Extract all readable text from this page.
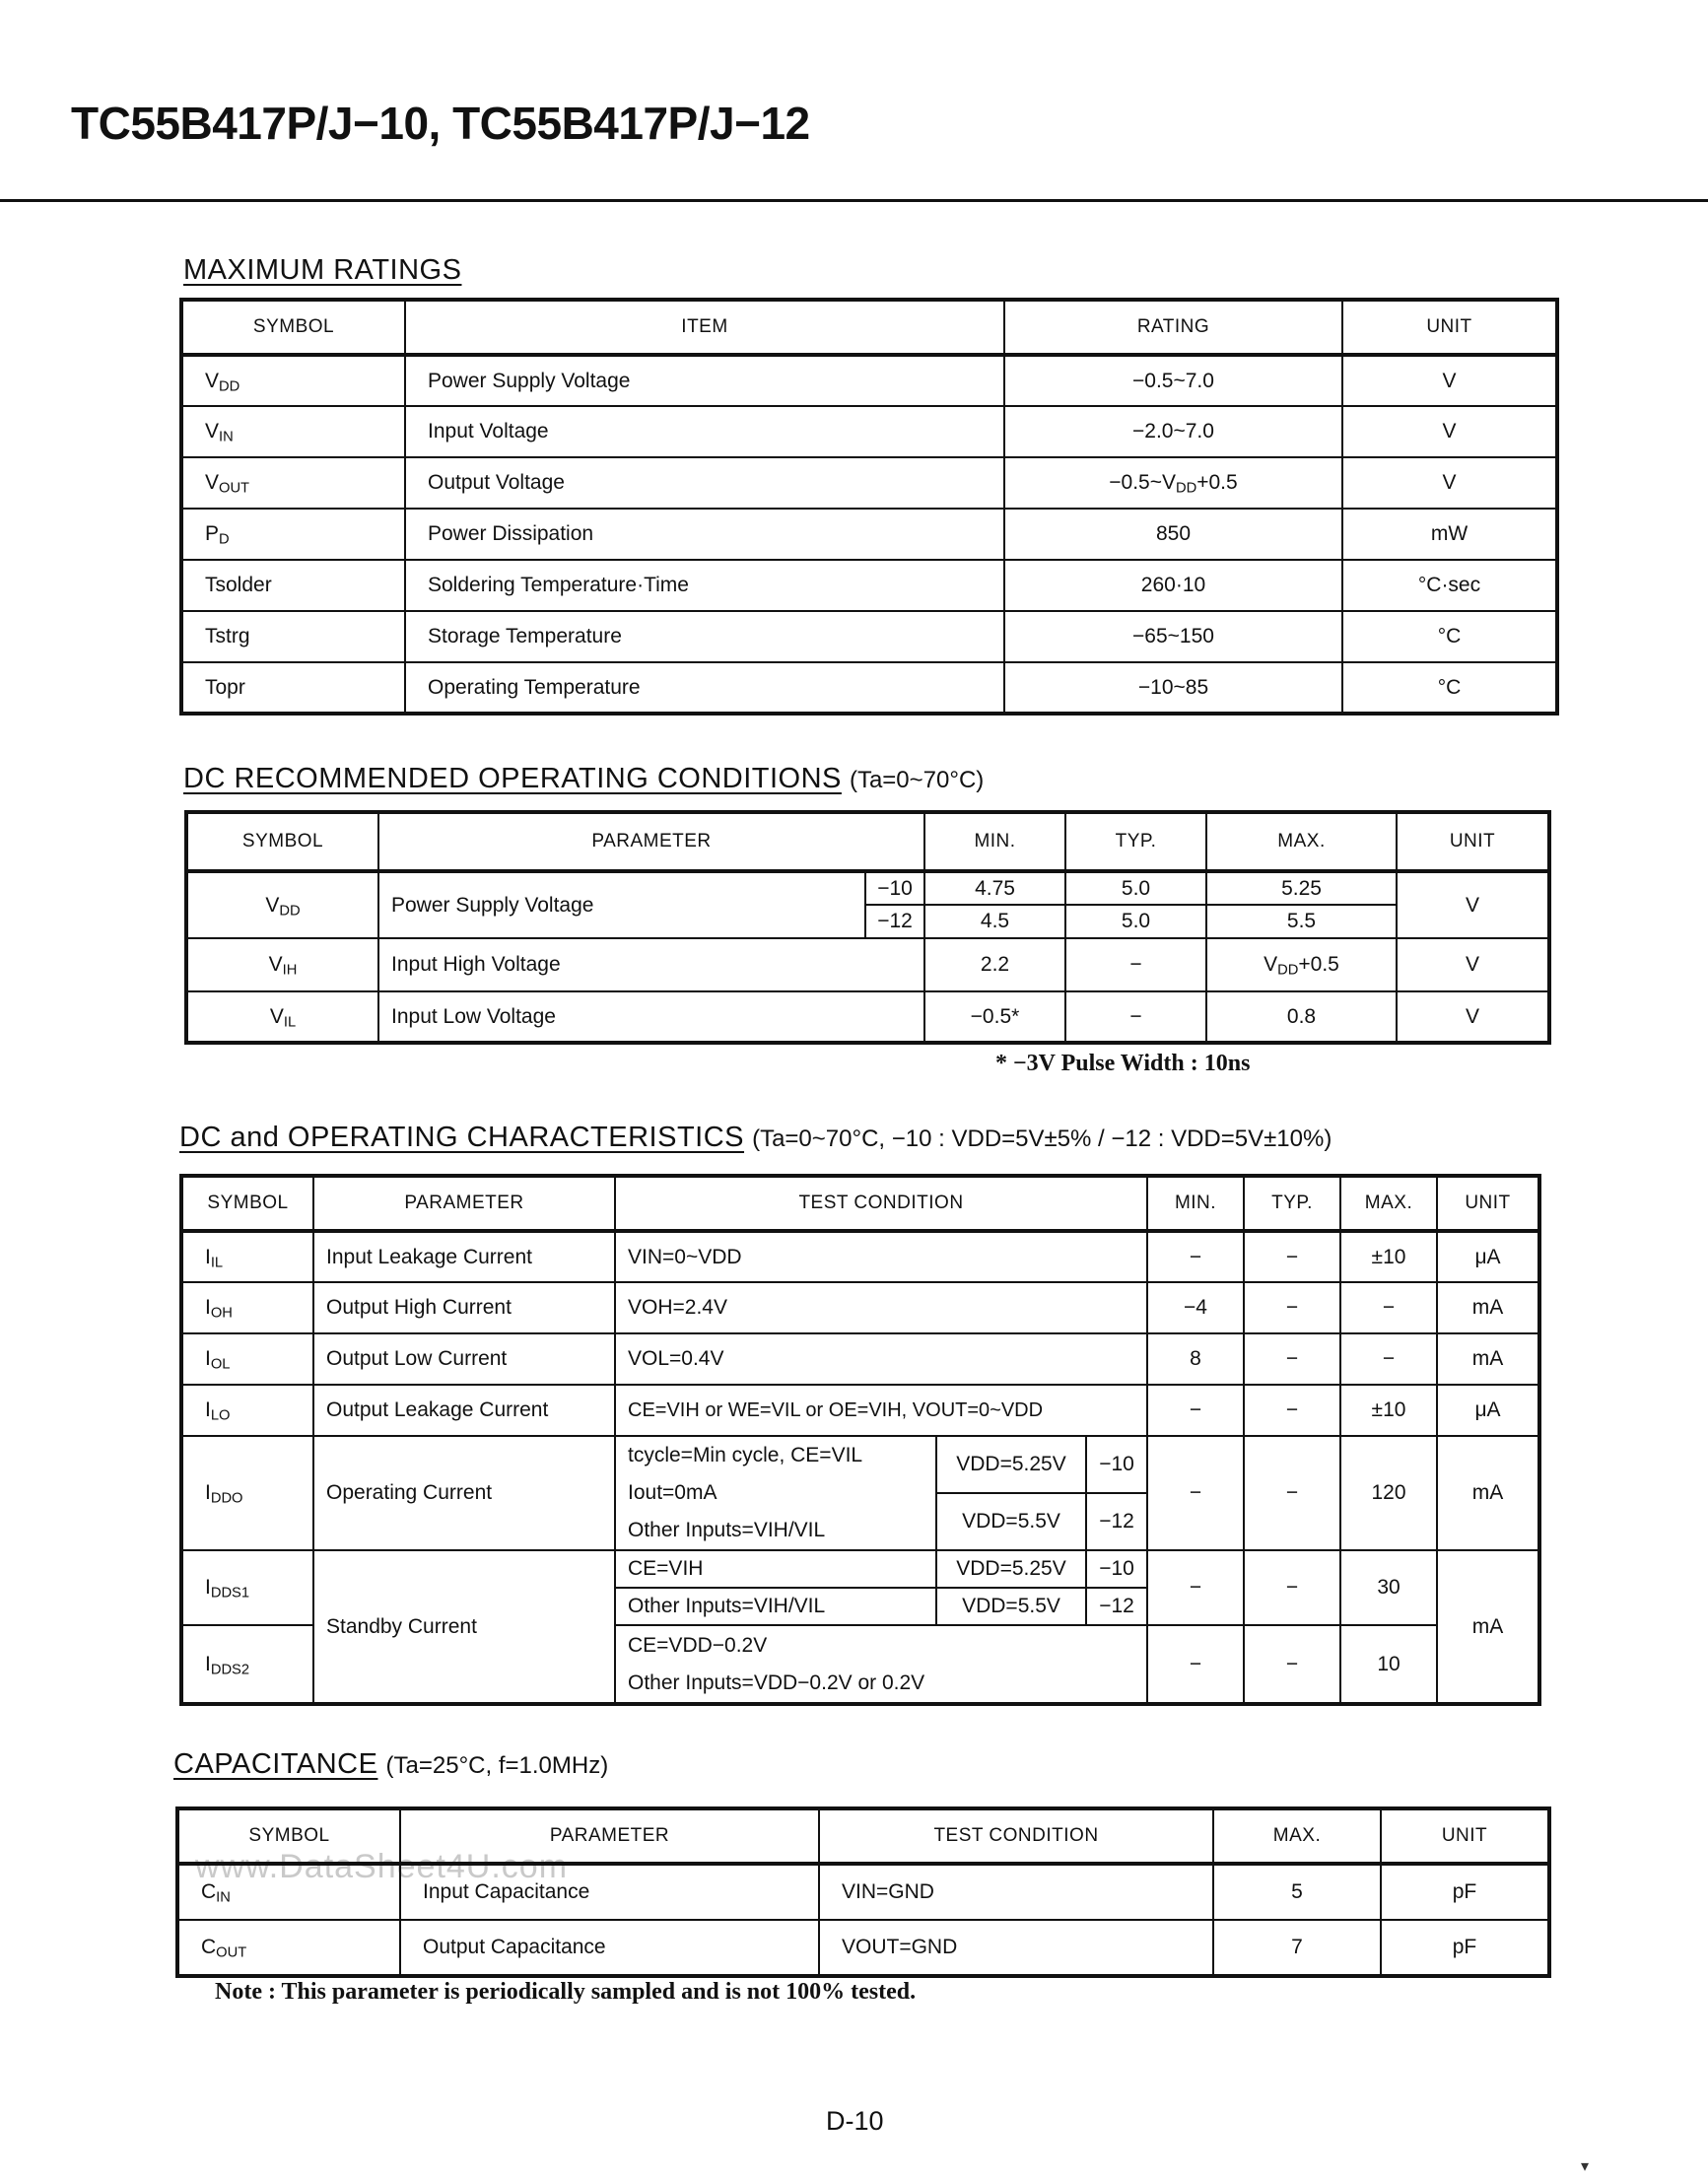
TC55B417P/J−10, TC55B417P/J−12
MAXIMUM RATINGS
SYMBOL	ITEM	RATING	UNIT
$V_{DD}$	Power Supply Voltage	−0.5~7.0	V
$V_{IN}$	Input Voltage	−2.0~7.0	V
$V_{OUT}$	Output Voltage	$-0.5\sim V_{DD}+0.5$	V
$P_D$	Power Dissipation	850	mW
Tsolder	Soldering Temperature·Time	260·10	°C·sec
Tstrg	Storage Temperature	−65~150	°C
Topr	Operating Temperature	−10~85	°C
DC RECOMMENDED OPERATING CONDITIONS (Ta=0~70°C)
SYMBOL	PARAMETER		MIN.	TYP.	MAX.	UNIT
$V_{DD}$	Power Supply Voltage	−10	4.75	5.0	5.25	V
		−12	4.5	5.0	5.5	
$V_{IH}$	Input High Voltage		2.2	−	$V_{DD}+0.5$	V
$V_{IL}$	Input Low Voltage		−0.5*	−	0.8	V
* −3V Pulse Width : 10ns
DC and OPERATING CHARACTERISTICS (Ta=0~70°C, −10 : VDD=5V±5% / −12 : VDD=5V±10%)
SYMBOL	PARAMETER	TEST CONDITION			MIN.	TYP.	MAX.	UNIT
$I_{IL}$	Input Leakage Current	VIN=0~VDD			−	−	±10	μA
$I_{OH}$	Output High Current	VOH=2.4V			−4	−	−	mA
$I_{OL}$	Output Low Current	VOL=0.4V			8	−	−	mA
$I_{LO}$	Output Leakage Current	CE=VIH or WE=VIL or OE=VIH, VOUT=0~VDD			−	−	±10	μA
$I_{DDO}$	Operating Current	tcycle=Min cycle, CE=VIL
Iout=0mA
Other Inputs=VIH/VIL	VDD=5.25V	−10	−	−	120	mA
			VDD=5.5V	−12				
$I_{DDS1}$	Standby Current	CE=VIH	VDD=5.25V	−10	−	−	30	mA
		Other Inputs=VIH/VIL	VDD=5.5V	−12				
$I_{DDS2}$		CE=VDD−0.2V			−	−	10	
		Other Inputs=VDD−0.2V or 0.2V						
CAPACITANCE (Ta=25°C, f=1.0MHz)
www.DataSheet4U.com
SYMBOL	PARAMETER	TEST CONDITION	MAX.	UNIT
$C_{IN}$	Input Capacitance	VIN=GND	5	pF
$C_{OUT}$	Output Capacitance	VOUT=GND	7	pF
Note : This parameter is periodically sampled and is not 100% tested.
D-10
▾
